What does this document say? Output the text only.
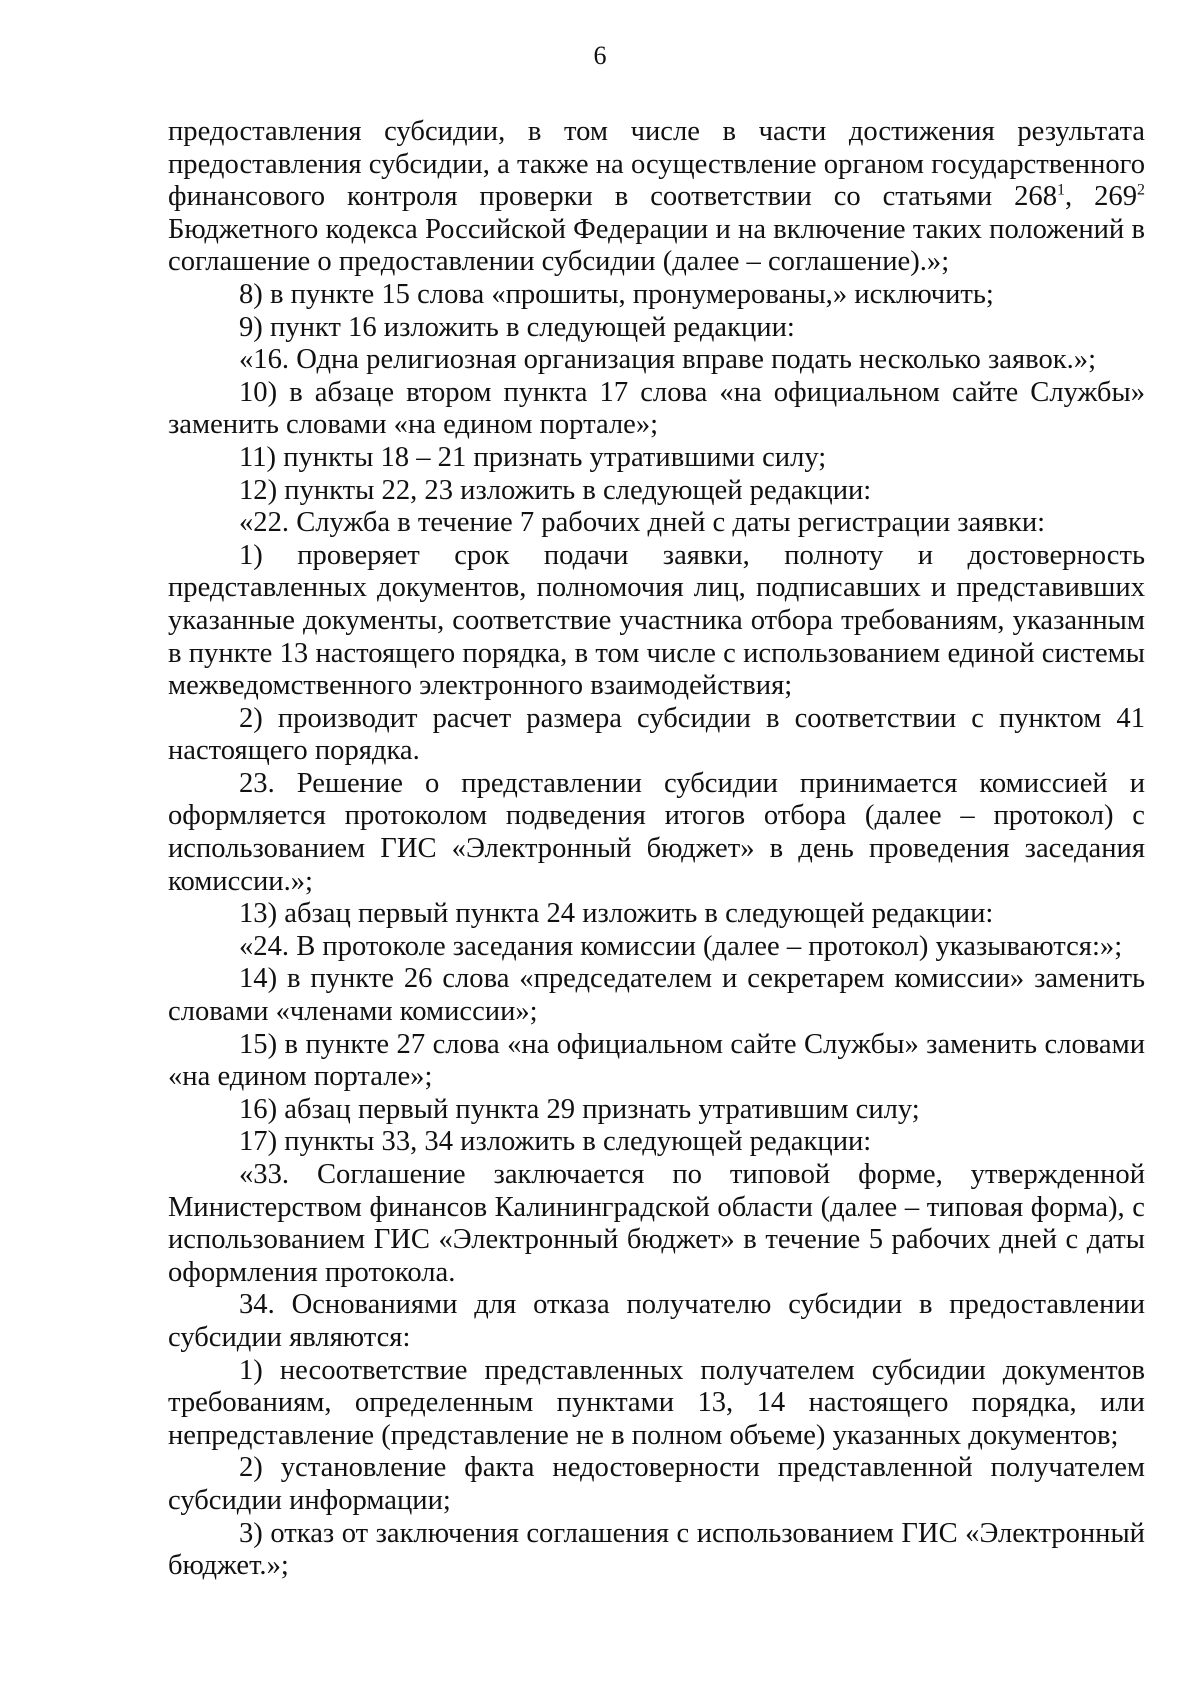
6

предоставления субсидии, в том числе в части достижения результата предоставления субсидии, а также на осуществление органом государственного финансового контроля проверки в соответствии со статьями $268^1$, $269^2$ Бюджетного кодекса Российской Федерации и на включение таких положений в соглашение о предоставлении субсидии (далее – соглашение).»;

8) в пункте 15 слова «прошиты, пронумерованы,» исключить;

9) пункт 16 изложить в следующей редакции:

«16. Одна религиозная организация вправе подать несколько заявок.»;

10) в абзаце втором пункта 17 слова «на официальном сайте Службы» заменить словами «на едином портале»;

11) пункты 18 – 21 признать утратившими силу;

12) пункты 22, 23 изложить в следующей редакции:

«22. Служба в течение 7 рабочих дней с даты регистрации заявки:

1) проверяет срок подачи заявки, полноту и достоверность представленных документов, полномочия лиц, подписавших и представивших указанные документы, соответствие участника отбора требованиям, указанным в пункте 13 настоящего порядка, в том числе с использованием единой системы межведомственного электронного взаимодействия;

2) производит расчет размера субсидии в соответствии с пунктом 41 настоящего порядка.

23. Решение о представлении субсидии принимается комиссией и оформляется протоколом подведения итогов отбора (далее – протокол) с использованием ГИС «Электронный бюджет» в день проведения заседания комиссии.»;

13) абзац первый пункта 24 изложить в следующей редакции:

«24. В протоколе заседания комиссии (далее – протокол) указываются:»;

14) в пункте 26 слова «председателем и секретарем комиссии» заменить словами «членами комиссии»;

15) в пункте 27 слова «на официальном сайте Службы» заменить словами «на едином портале»;

16) абзац первый пункта 29 признать утратившим силу;

17) пункты 33, 34 изложить в следующей редакции:

«33. Соглашение заключается по типовой форме, утвержденной Министерством финансов Калининградской области (далее – типовая форма), с использованием ГИС «Электронный бюджет» в течение 5 рабочих дней с даты оформления протокола.

34. Основаниями для отказа получателю субсидии в предоставлении субсидии являются:

1) несоответствие представленных получателем субсидии документов требованиям, определенным пунктами 13, 14 настоящего порядка, или непредставление (представление не в полном объеме) указанных документов;

2) установление факта недостоверности представленной получателем субсидии информации;

3) отказ от заключения соглашения с использованием ГИС «Электронный бюджет.»;
